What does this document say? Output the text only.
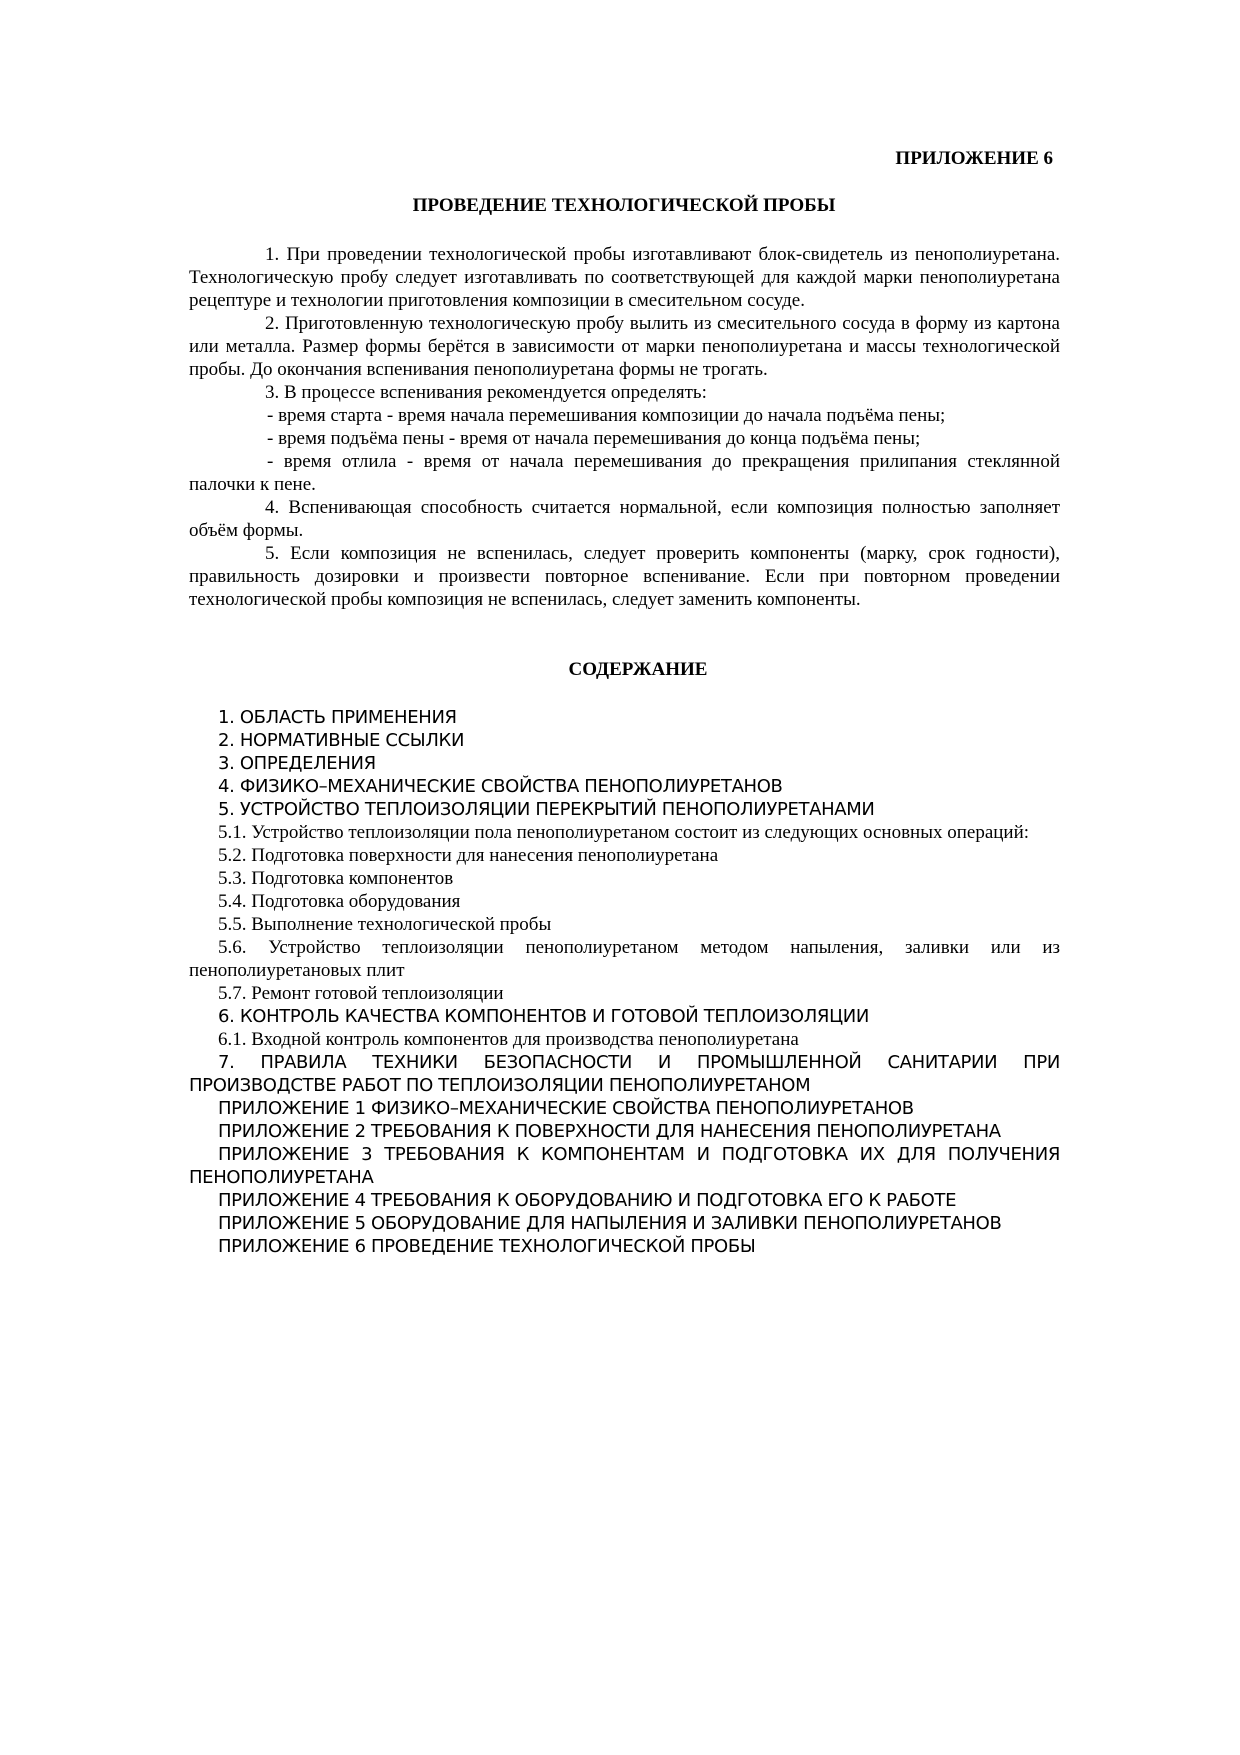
ПРИЛОЖЕНИЕ 6

ПРОВЕДЕНИЕ ТЕХНОЛОГИЧЕСКОЙ ПРОБЫ

1. При проведении технологической пробы изготавливают блок-свидетель из пенополиуретана. Технологическую пробу следует изготавливать по соответствующей для каждой марки пенополиуретана рецептуре и технологии приготовления композиции в смесительном сосуде.

2. Приготовленную технологическую пробу вылить из смесительного сосуда в форму из картона или металла. Размер формы берётся в зависимости от марки пенополиуретана и массы технологической пробы. До окончания вспенивания пенополиуретана формы не трогать.

3. В процессе вспенивания рекомендуется определять:

- время старта - время начала перемешивания композиции до начала подъёма пены;

- время подъёма пены - время от начала перемешивания до конца подъёма пены;

- время отлила - время от начала перемешивания до прекращения прилипания стеклянной палочки к пене.

4. Вспенивающая способность считается нормальной, если композиция полностью заполняет объём формы.

5. Если композиция не вспенилась, следует проверить компоненты (марку, срок годности), правильность дозировки и произвести повторное вспенивание. Если при повторном проведении технологической пробы композиция не вспенилась, следует заменить компоненты.

СОДЕРЖАНИЕ
1. ОБЛАСТЬ ПРИМЕНЕНИЯ
2. НОРМАТИВНЫЕ ССЫЛКИ
3. ОПРЕДЕЛЕНИЯ
4. ФИЗИКО–МЕХАНИЧЕСКИЕ СВОЙСТВА ПЕНОПОЛИУРЕТАНОВ
5. УСТРОЙСТВО ТЕПЛОИЗОЛЯЦИИ ПЕРЕКРЫТИЙ ПЕНОПОЛИУРЕТАНАМИ
5.1. Устройство теплоизоляции пола пенополиуретаном состоит из следующих основных операций:
5.2. Подготовка поверхности для нанесения пенополиуретана
5.3. Подготовка компонентов
5.4. Подготовка оборудования
5.5. Выполнение технологической пробы
5.6. Устройство теплоизоляции пенополиуретаном методом напыления, заливки или из пенополиуретановых плит
5.7. Ремонт готовой теплоизоляции
6. КОНТРОЛЬ КАЧЕСТВА КОМПОНЕНТОВ И ГОТОВОЙ ТЕПЛОИЗОЛЯЦИИ
6.1. Входной контроль компонентов для производства пенополиуретана
7. ПРАВИЛА ТЕХНИКИ БЕЗОПАСНОСТИ И ПРОМЫШЛЕННОЙ САНИТАРИИ ПРИ ПРОИЗВОДСТВЕ РАБОТ ПО ТЕПЛОИЗОЛЯЦИИ ПЕНОПОЛИУРЕТАНОМ
ПРИЛОЖЕНИЕ 1 ФИЗИКО–МЕХАНИЧЕСКИЕ СВОЙСТВА ПЕНОПОЛИУРЕТАНОВ
ПРИЛОЖЕНИЕ 2 ТРЕБОВАНИЯ К ПОВЕРХНОСТИ ДЛЯ НАНЕСЕНИЯ ПЕНОПОЛИУРЕТАНА
ПРИЛОЖЕНИЕ 3 ТРЕБОВАНИЯ К КОМПОНЕНТАМ И ПОДГОТОВКА ИХ ДЛЯ ПОЛУЧЕНИЯ ПЕНОПОЛИУРЕТАНА
ПРИЛОЖЕНИЕ 4 ТРЕБОВАНИЯ К ОБОРУДОВАНИЮ И ПОДГОТОВКА ЕГО К РАБОТЕ
ПРИЛОЖЕНИЕ 5 ОБОРУДОВАНИЕ ДЛЯ НАПЫЛЕНИЯ И ЗАЛИВКИ ПЕНОПОЛИУРЕТАНОВ
ПРИЛОЖЕНИЕ 6 ПРОВЕДЕНИЕ ТЕХНОЛОГИЧЕСКОЙ ПРОБЫ
